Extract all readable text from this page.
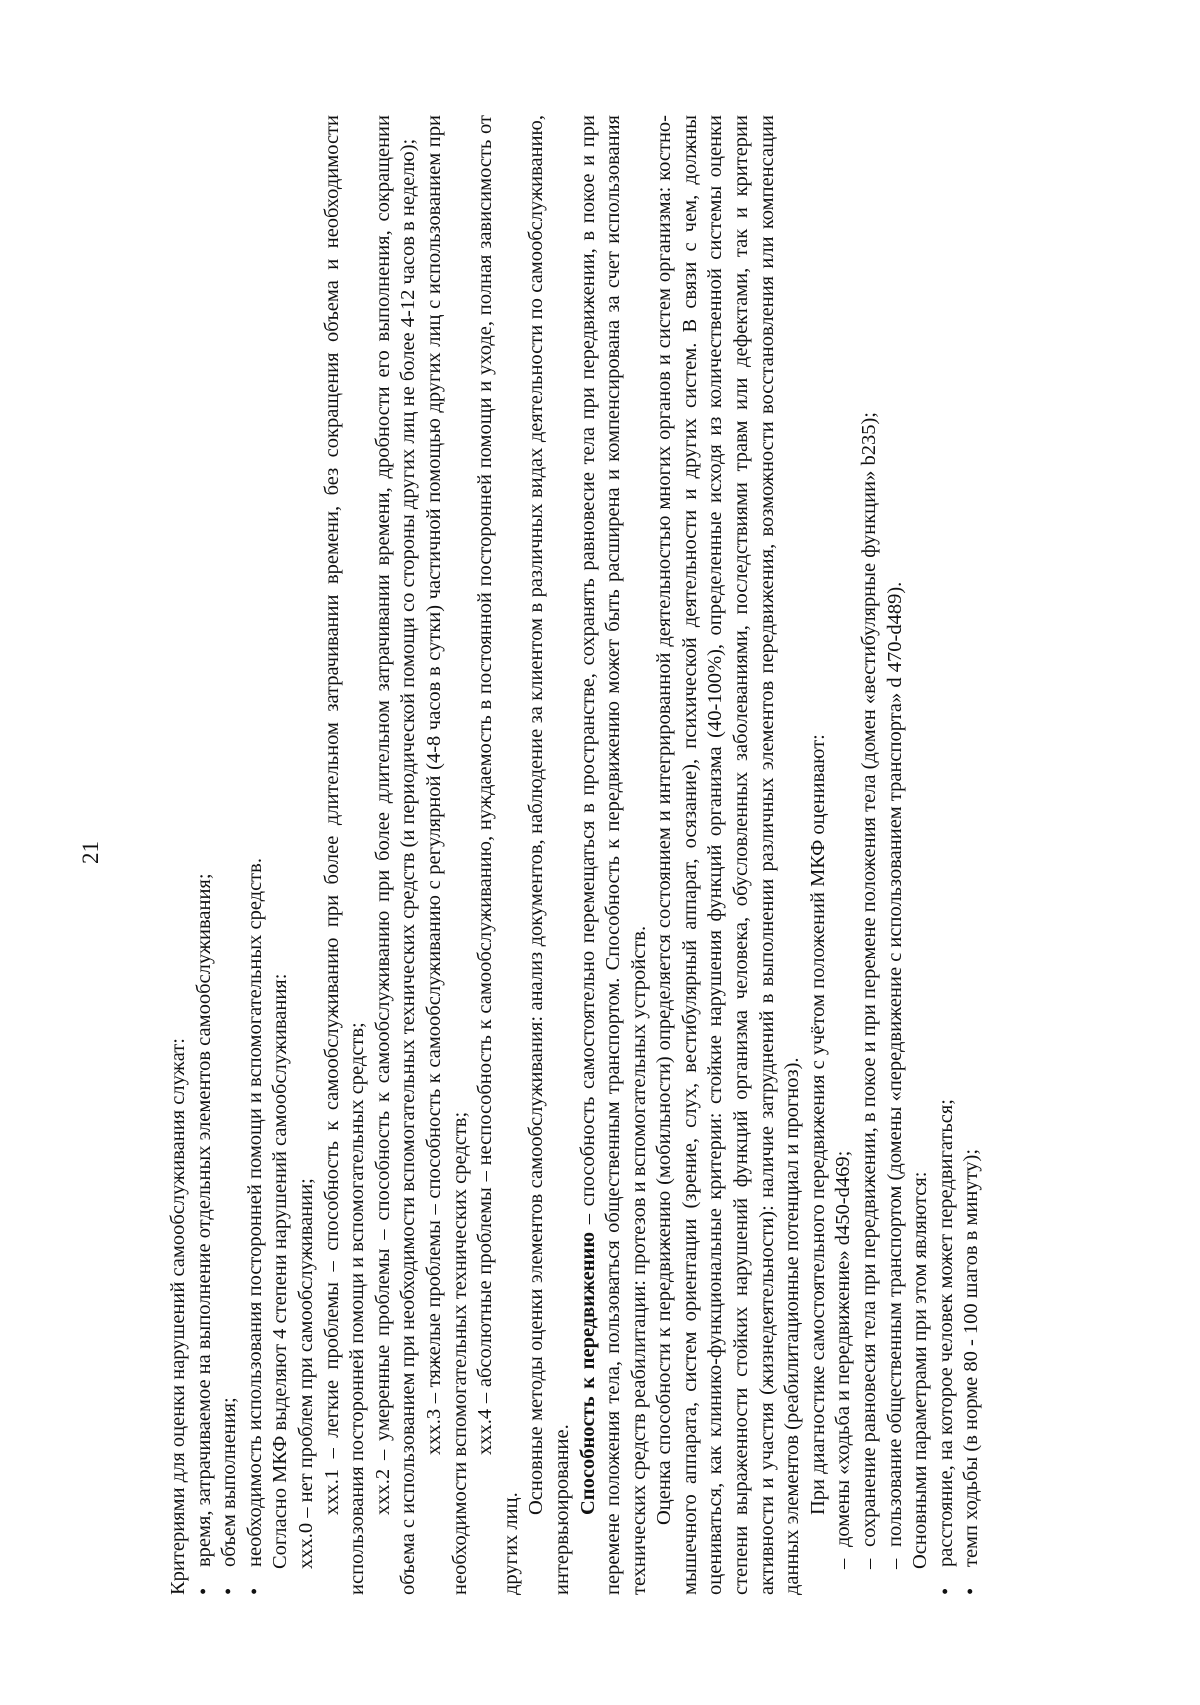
21

Критериями для оценки нарушений самообслуживания служат: •
время, затрачиваемое на выполнение отдельных элементов самообслуживания;

•
объем выполнения;

•
необходимость использования посторонней помощи и вспомогательных средств. Согласно МКФ выделяют 4 степени нарушений самообслуживания: ххх.0 – нет проблем при самообслуживании; ххх.1 – легкие проблемы – способность к самообслуживанию при более длительном затрачивании времени, без сокращения объема и необходимости использования посторонней помощи и вспомогательных средств; ххх.2 – умеренные проблемы – способность к самообслуживанию при более длительном затрачивании времени, дробности его выполнения, сокращении объема с использованием при необходимости вспомогательных технических средств (и периодической помощи со стороны других лиц не более 4-12 часов в неделю); ххх.3 – тяжелые проблемы – способность к самообслуживанию с регулярной (4-8 часов в сутки) частичной помощью других лиц с использованием при необходимости вспомогательных технических средств; ххх.4 – абсолютные проблемы – неспособность к самообслуживанию, нуждаемость в постоянной посторонней помощи и уходе, полная зависимость от других лиц.

Основные методы оценки элементов самообслуживания: анализ документов, наблюдение за клиентом в различных видах деятельности по самообслуживанию, интервьюирование. Способность к передвижению – способность самостоятельно перемещаться в пространстве, сохранять равновесие тела при передвижении, в покое и при перемене положения тела, пользоваться общественным транспортом. Способность к передвижению может быть расширена и компенсирована за счет использования технических средств реабилитации: протезов и вспомогательных устройств. Оценка способности к передвижению (мобильности) определяется состоянием и интегрированной деятельностью многих органов и систем организма: костно-мышечного аппарата, систем ориентации (зрение, слух, вестибулярный аппарат, осязание), психической деятельности и других систем. В связи с чем, должны оцениваться, как клинико-функциональные критерии: стойкие нарушения функций организма (40-100%), определенные исходя из количественной системы оценки степени выраженности стойких нарушений функций организма человека, обусловленных заболеваниями, последствиями травм или дефектами, так и критерии активности и участия (жизнедеятельности): наличие затруднений в выполнении различных элементов передвижения, возможности восстановления или компенсации данных элементов (реабилитационные потенциал и прогноз). При диагностике самостоятельного передвижения с учётом положений МКФ оценивают:

–
домены «ходьба и передвижение» d450-d469;

–
сохранение равновесия тела при передвижении, в покое и при перемене положения тела (домен «вестибулярные функции» b235);

–
пользование общественным транспортом (домены «передвижение с использованием транспорта» d 470-d489). Основными параметрами при этом являются:

•
расстояние, на которое человек может передвигаться;

•
темп ходьбы (в норме 80 - 100 шагов в минуту);
